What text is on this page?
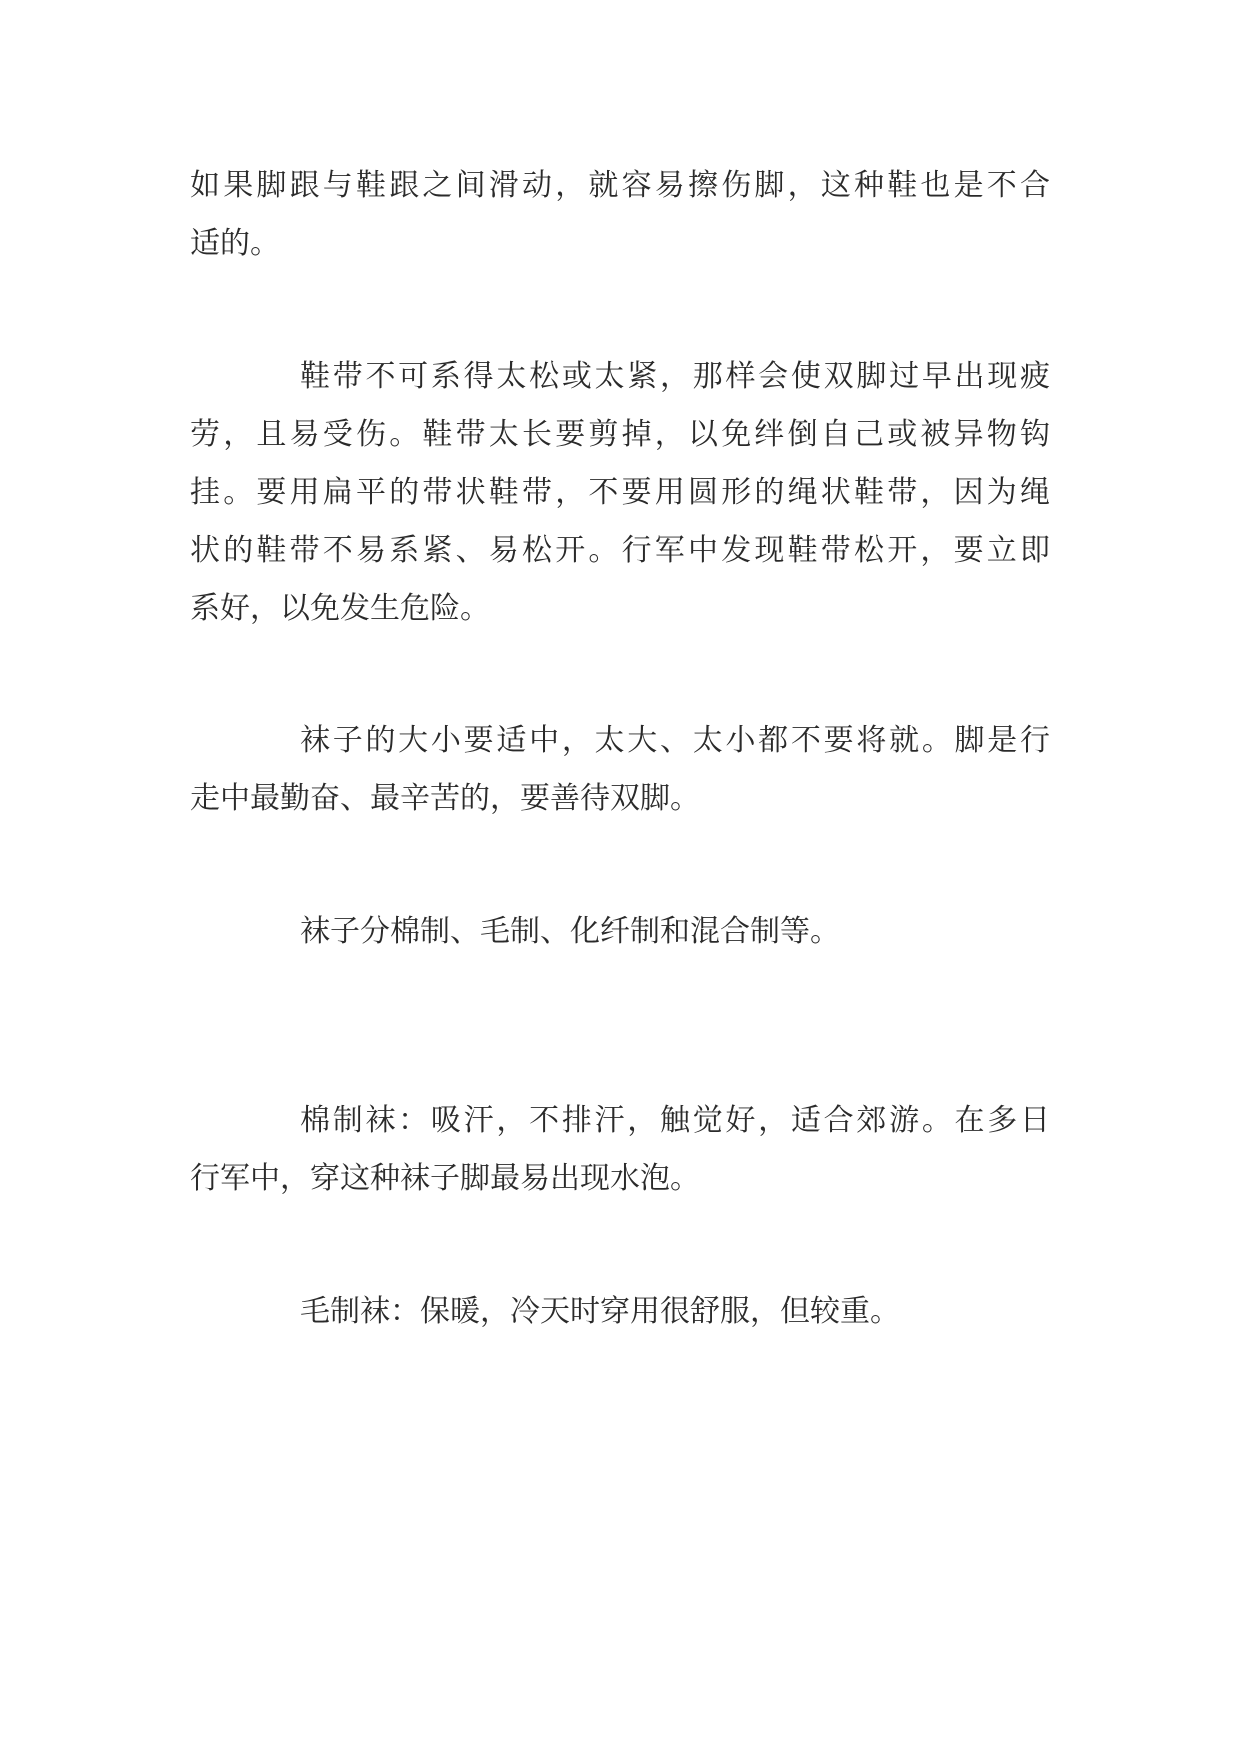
如果脚跟与鞋跟之间滑动，就容易擦伤脚，这种鞋也是不合
适的。
鞋带不可系得太松或太紧，那样会使双脚过早出现疲
劳，且易受伤。鞋带太长要剪掉，以免绊倒自己或被异物钩
挂。要用扁平的带状鞋带，不要用圆形的绳状鞋带，因为绳
状的鞋带不易系紧、易松开。行军中发现鞋带松开，要立即
系好，以免发生危险。
袜子的大小要适中，太大、太小都不要将就。脚是行
走中最勤奋、最辛苦的，要善待双脚。
袜子分棉制、毛制、化纤制和混合制等。
棉制袜：吸汗，不排汗，触觉好，适合郊游。在多日
行军中，穿这种袜子脚最易出现水泡。
毛制袜：保暖，冷天时穿用很舒服，但较重。
